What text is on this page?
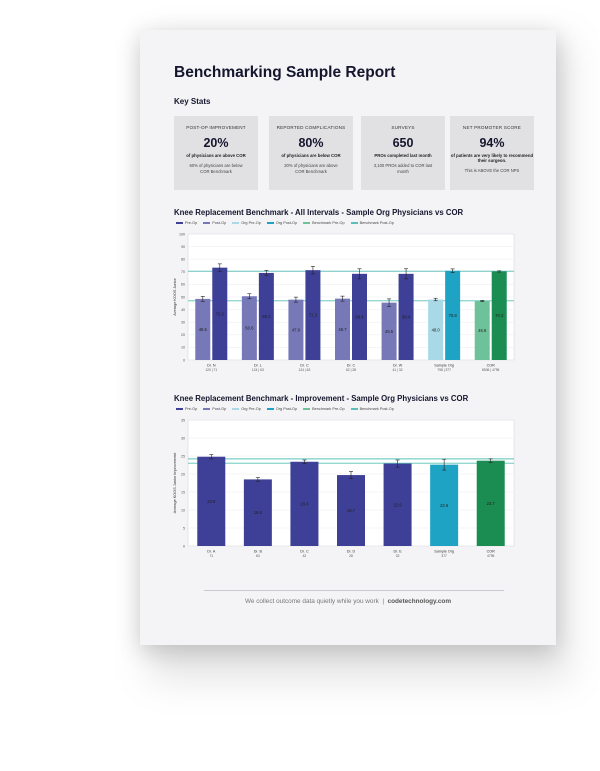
Benchmarking Sample Report
Key Stats
POST-OP IMPROVEMENT
20%
of physicians are above COR
60% of physicians are below COR Benchmark
REPORTED COMPLICATIONS
80%
of physicians are below COR
20% of physicians are above COR Benchmark
SURVEYS
650
PROs completed last month
3,100 PROs added to COR last month
NET PROMOTER SCORE
94%
of patients are very likely to recommend their surgeon.
This is ABOVE the COR NPS
Knee Replacement Benchmark - All Intervals - Sample Org Physicians vs COR
Pre-Op	Post-Op	Org Pre-Op	Org Post-Op	Benchmark Pre-Op	Benchmark Post-Op
0
10
20
30
40
50
60
70
80
90
100
Average KOOS Junior
48.5
73.3
Dr. N
120 | 71
50.6
69.1
Dr. L
124 | 63
47.9
71.3
Dr. C
124 | 63
48.7
68.4
Dr. C
62 | 28
45.5
68.4
Dr. W
41 | 32
48.0
70.8
Sample Org
798 | 377
46.8
70.3
COR
8536 | 4795
Knee Replacement Benchmark - Improvement - Sample Org Physicians vs COR
Pre-Op	Post-Op	Org Pre-Op	Org Post-Op	Benchmark Pre-Op	Benchmark Post-Op
0
5
10
15
20
25
30
35
Average KOOS Junior Improvement	24.8
Dr. A
71
18.5
Dr. B
63
23.4
Dr. C
42
19.7
Dr. D
28
22.9
Dr. E
32
22.6
Sample Org
377
23.7
COR
4795
We collect outcome data quietly while you work | codetechnology.com
